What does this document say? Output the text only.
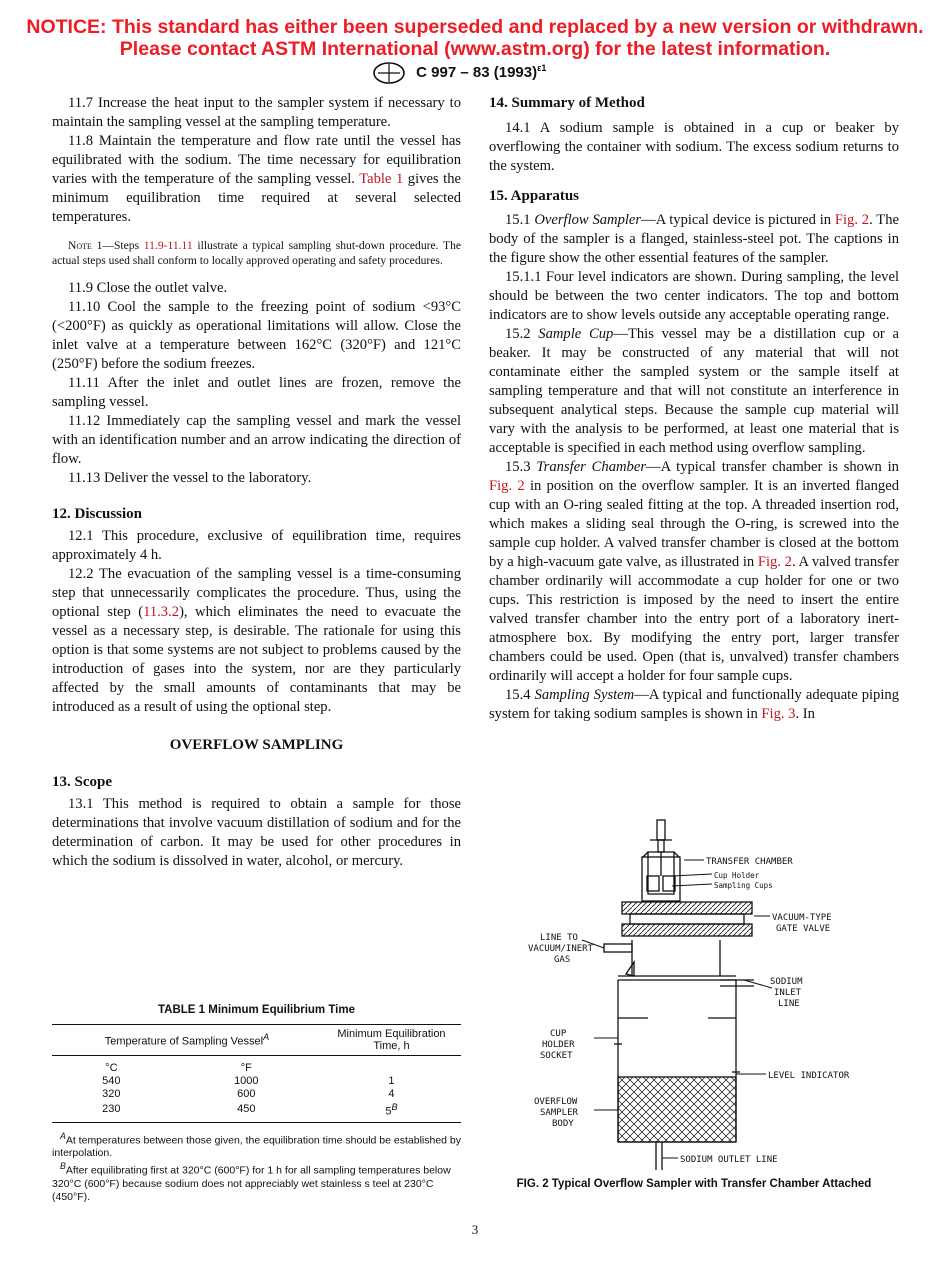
NOTICE: This standard has either been superseded and replaced by a new version or withdrawn.
Please contact ASTM International (www.astm.org) for the latest information.
C 997 – 83 $(1993)^{\varepsilon 1}$

11.7 Increase the heat input to the sampler system if necessary to maintain the sampling vessel at the sampling temperature.

11.8 Maintain the temperature and flow rate until the vessel has equilibrated with the sodium. The time necessary for equilibration varies with the temperature of the sampling vessel. Table 1 gives the minimum equilibration time required at several selected temperatures.

Note 1—Steps 11.9-11.11 illustrate a typical sampling shut-down procedure. The actual steps used shall conform to locally approved operating and safety procedures.

11.9 Close the outlet valve.

11.10 Cool the sample to the freezing point of sodium <93°C (<200°F) as quickly as operational limitations will allow. Close the inlet valve at a temperature between 162°C (320°F) and 121°C (250°F) before the sodium freezes.

11.11 After the inlet and outlet lines are frozen, remove the sampling vessel.

11.12 Immediately cap the sampling vessel and mark the vessel with an identification number and an arrow indicating the direction of flow.

11.13 Deliver the vessel to the laboratory.

12. Discussion

12.1 This procedure, exclusive of equilibration time, requires approximately 4 h.

12.2 The evacuation of the sampling vessel is a time-consuming step that unnecessarily complicates the procedure. Thus, using the optional step (11.3.2), which eliminates the need to evacuate the vessel as a necessary step, is desirable. The rationale for using this option is that some systems are not subject to problems caused by the introduction of gases into the system, nor are they particularly affected by the small amounts of contaminants that may be introduced as a result of using the optional step.

OVERFLOW SAMPLING

13. Scope

13.1 This method is required to obtain a sample for those determinations that involve vacuum distillation of sodium and for the determination of carbon. It may be used for other procedures in which the sodium is dissolved in water, alcohol, or mercury.

TABLE 1 Minimum Equilibrium Time
Temperature of Sampling Vessel$^A$		Minimum Equilibration Time, h
°C	°F	
540	1000	1
320	600	4
230	450	$5^B$
$^A$At temperatures between those given, the equilibration time should be established by interpolation.
$^B$After equilibrating first at 320°C (600°F) for 1 h for all sampling temperatures below 320°C (600°F) because sodium does not appreciably wet stainless s teel at 230°C (450°F).
14. Summary of Method

14.1 A sodium sample is obtained in a cup or beaker by overflowing the container with sodium. The excess sodium returns to the system.

15. Apparatus

15.1 Overflow Sampler—A typical device is pictured in Fig. 2. The body of the sampler is a flanged, stainless-steel pot. The captions in the figure show the other essential features of the sampler.

15.1.1 Four level indicators are shown. During sampling, the level should be between the two center indicators. The top and bottom indicators are to show levels outside any acceptable operating range.

15.2 Sample Cup—This vessel may be a distillation cup or a beaker. It may be constructed of any material that will not contaminate either the sampled system or the sample itself at sampling temperature and that will not constitute an interference in subsequent analytical steps. Because the sample cup material will vary with the analysis to be performed, at least one material that is acceptable is specified in each method using overflow sampling.

15.3 Transfer Chamber—A typical transfer chamber is shown in Fig. 2 in position on the overflow sampler. It is an inverted flanged cup with an O-ring sealed fitting at the top. A threaded insertion rod, which makes a sliding seal through the O-ring, is screwed into the sample cup holder. A valved transfer chamber is closed at the bottom by a high-vacuum gate valve, as illustrated in Fig. 2. A valved transfer chamber ordinarily will accommodate a cup holder for one or two cups. This restriction is imposed by the need to insert the entire valved transfer chamber into the entry port of a laboratory inert-atmosphere box. By modifying the entry port, larger transfer chambers could be used. Open (that is, unvalved) transfer chambers ordinarily will accept a holder for four sample cups.

15.4 Sampling System—A typical and functionally adequate piping system for taking sodium samples is shown in Fig. 3. In

TRANSFER CHAMBER
Cup Holder
Sampling Cups
VACUUM-TYPE
GATE VALVE
LINE TO
VACUUM/INERT
GAS
SODIUM
INLET
LINE
CUP
HOLDER
SOCKET
LEVEL INDICATOR
OVERFLOW
SAMPLER
BODY
SODIUM OUTLET LINE
FIG. 2 Typical Overflow Sampler with Transfer Chamber Attached
3
